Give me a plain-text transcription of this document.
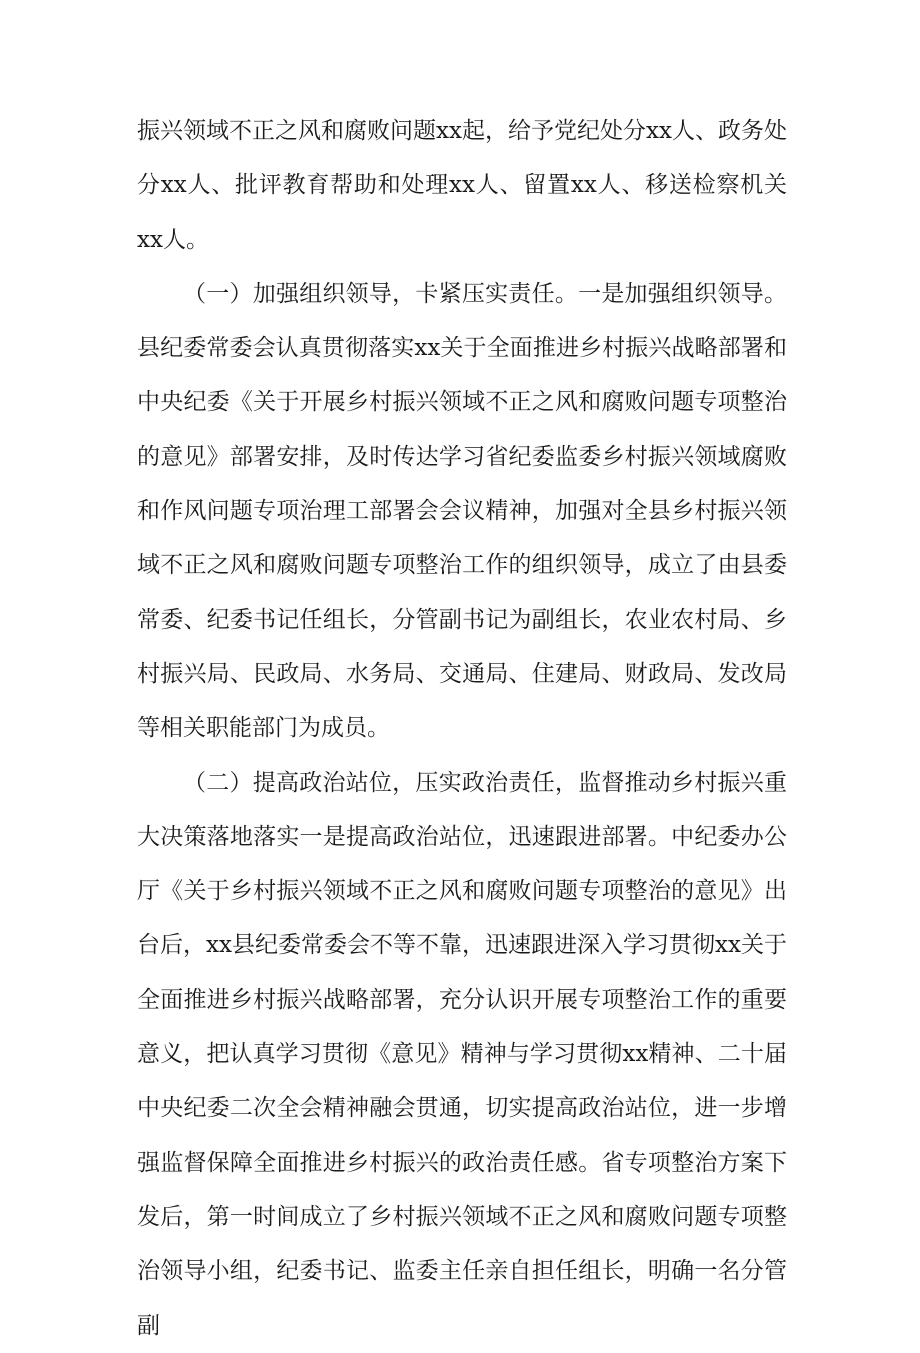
振兴领域不正之风和腐败问题xx起，给予党纪处分xx人、政务处分xx人、批评教育帮助和处理xx人、留置xx人、移送检察机关xx人。

（一）加强组织领导，卡紧压实责任。一是加强组织领导。县纪委常委会认真贯彻落实xx关于全面推进乡村振兴战略部署和中央纪委《关于开展乡村振兴领域不正之风和腐败问题专项整治的意见》部署安排，及时传达学习省纪委监委乡村振兴领域腐败和作风问题专项治理工部署会会议精神，加强对全县乡村振兴领域不正之风和腐败问题专项整治工作的组织领导，成立了由县委常委、纪委书记任组长，分管副书记为副组长，农业农村局、乡村振兴局、民政局、水务局、交通局、住建局、财政局、发改局等相关职能部门为成员。

（二）提高政治站位，压实政治责任，监督推动乡村振兴重大决策落地落实一是提高政治站位，迅速跟进部署。中纪委办公厅《关于乡村振兴领域不正之风和腐败问题专项整治的意见》出台后，xx县纪委常委会不等不靠，迅速跟进深入学习贯彻xx关于全面推进乡村振兴战略部署，充分认识开展专项整治工作的重要意义，把认真学习贯彻《意见》精神与学习贯彻xx精神、二十届中央纪委二次全会精神融会贯通，切实提高政治站位，进一步增强监督保障全面推进乡村振兴的政治责任感。省专项整治方案下发后，第一时间成立了乡村振兴领域不正之风和腐败问题专项整治领导小组，纪委书记、监委主任亲自担任组长，明确一名分管副
